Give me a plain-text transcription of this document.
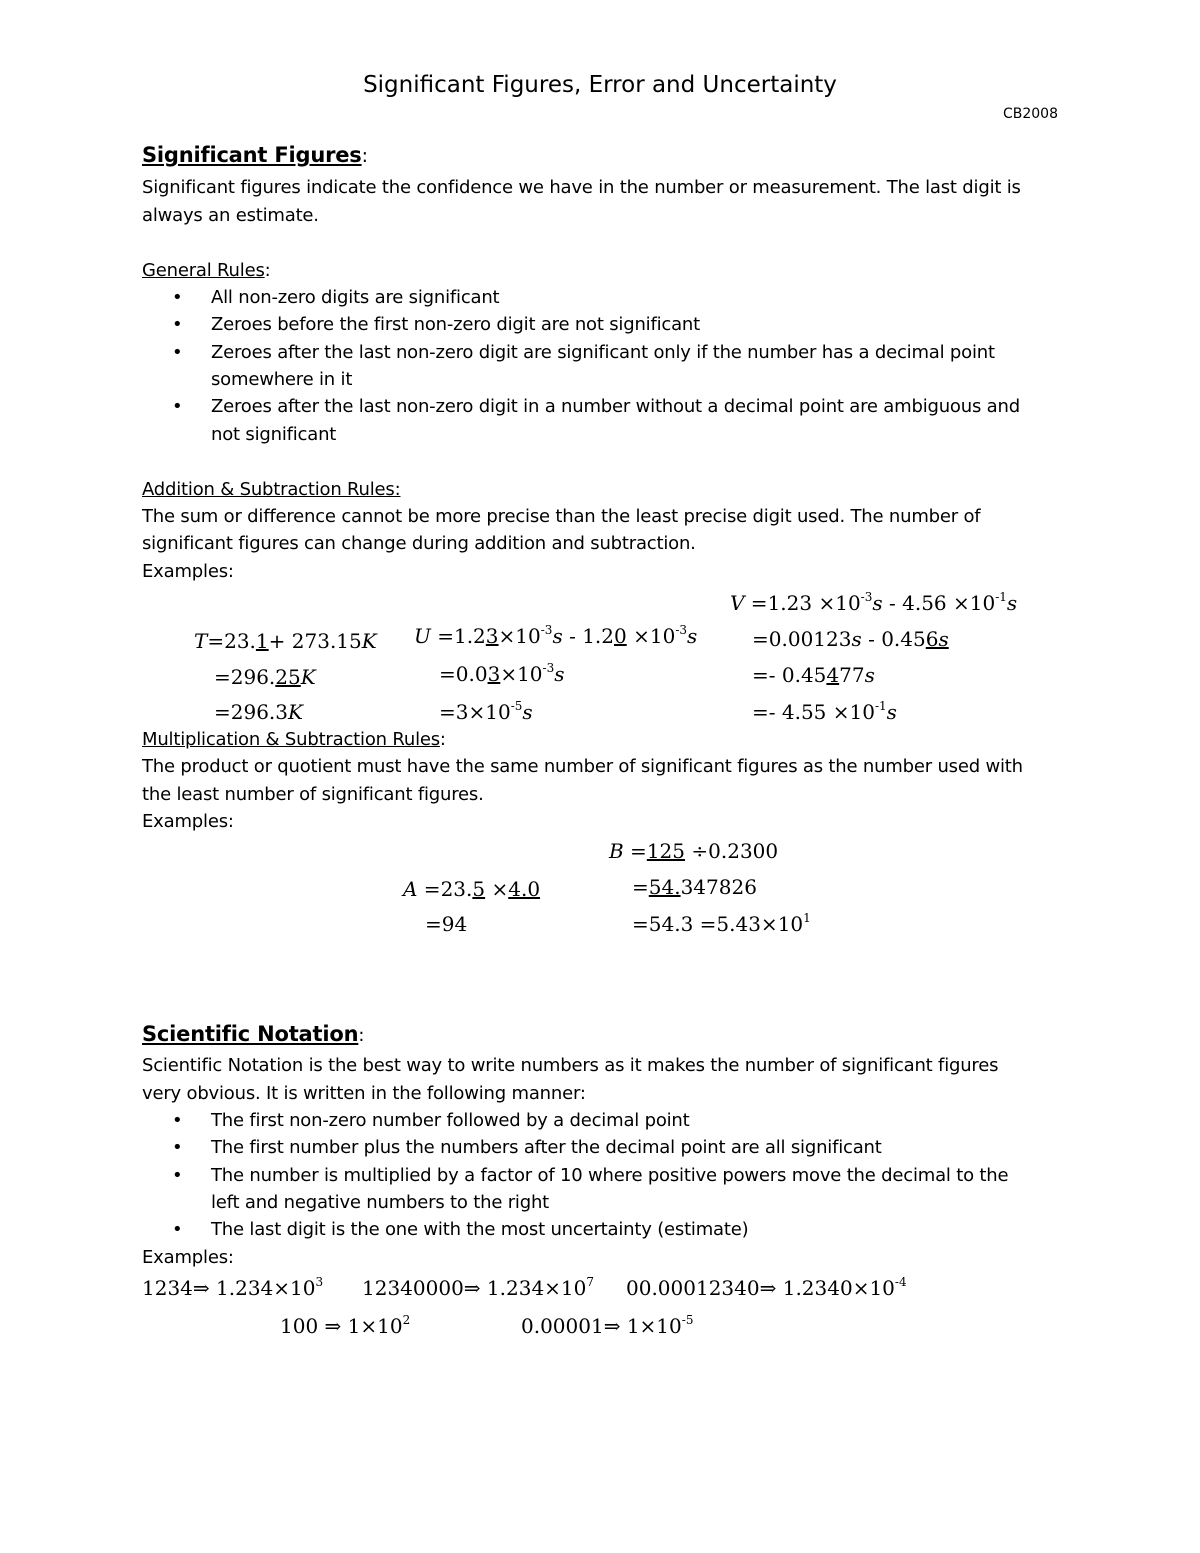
Significant Figures, Error and Uncertainty
CB2008
Significant Figures:
Significant figures indicate the confidence we have in the number or measurement. The last digit is
always an estimate.
General Rules:
• All non-zero digits are significant
• Zeroes before the first non-zero digit are not significant
• Zeroes after the last non-zero digit are significant only if the number has a decimal point
somewhere in it
• Zeroes after the last non-zero digit in a number without a decimal point are ambiguous and
not significant
Addition & Subtraction Rules:
The sum or difference cannot be more precise than the least precise digit used. The number of
significant figures can change during addition and subtraction.
Examples:
T=23.1+ 273.15K
=296.25K
=296.3K
$U =1.23\times 10^{-3}s - 1.20 \times 10^{-3}s$
$=0.03\times 10^{-3}s$
$=3\times 10^{-5}s$
$V =1.23 \times 10^{-3}s - 4.56 \times 10^{-1}s$
=0.00123s - 0.456s
=- 0.45477s
=- $4.55 \times 10^{-1}s$
Multiplication & Subtraction Rules:
The product or quotient must have the same number of significant figures as the number used with
the least number of significant figures.
Examples:
A =23.5 ×4.0
=94
B =125 ÷0.2300
=54.347826
$=54.3 =5.43\times 10^1$
Scientific Notation:
Scientific Notation is the best way to write numbers as it makes the number of significant figures
very obvious. It is written in the following manner:
• The first non-zero number followed by a decimal point
• The first number plus the numbers after the decimal point are all significant
• The number is multiplied by a factor of 10 where positive powers move the decimal to the
left and negative numbers to the right
• The last digit is the one with the most uncertainty (estimate)
Examples:
1234⇒ $1.234\times 10^3$ 12340000⇒ $1.234\times 10^7$ 00.00012340⇒ $1.2340\times 10^{-4}$
100 ⇒ $1\times 10^2$	0.00001⇒ $1\times 10^{-5}$
